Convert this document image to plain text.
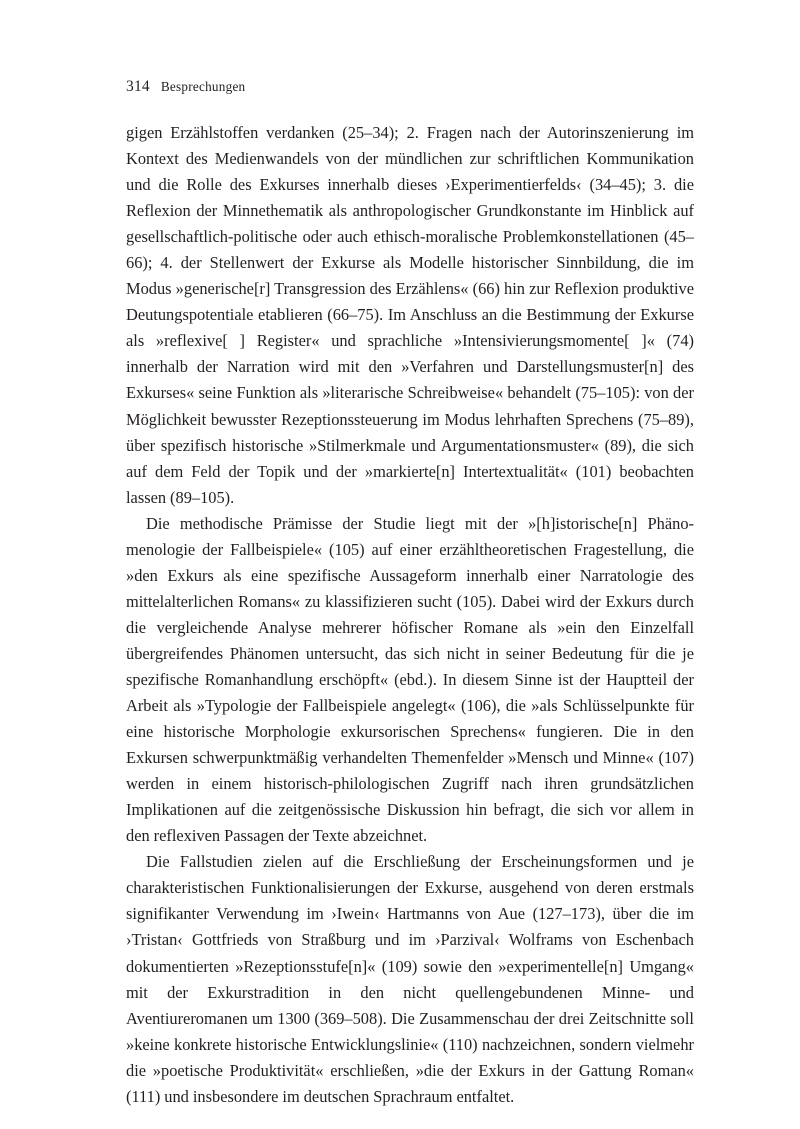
314 Besprechungen

gigen Erzählstoffen verdanken (25–34); 2. Fragen nach der Autorinszenierung im Kontext des Medienwandels von der mündlichen zur schriftlichen Kommunikation und die Rolle des Exkurses innerhalb dieses ›Experimentierfelds‹ (34–45); 3. die Reflexion der Minnethematik als anthropologischer Grundkonstante im Hinblick auf gesellschaftlich-politische oder auch ethisch-moralische Problemkonstellationen (45–66); 4. der Stellenwert der Exkurse als Modelle historischer Sinnbildung, die im Modus »generische[r] Transgression des Erzählens« (66) hin zur Reflexion produktive Deutungspotentiale etablieren (66–75). Im Anschluss an die Bestimmung der Exkurse als »reflexive[ ] Register« und sprachliche »Intensivierungsmomente[ ]« (74) innerhalb der Narration wird mit den »Verfahren und Darstellungsmuster[n] des Exkurses« seine Funktion als »literarische Schreibweise« behandelt (75–105): von der Möglichkeit bewusster Rezeptionssteuerung im Modus lehrhaften Sprechens (75–89), über spezifisch historische »Stilmerkmale und Argumentationsmuster« (89), die sich auf dem Feld der Topik und der »markierte[n] Intertextualität« (101) beobachten lassen (89–105).

Die methodische Prämisse der Studie liegt mit der »[h]istorische[n] Phänomenologie der Fallbeispiele« (105) auf einer erzähltheoretischen Fragestellung, die »den Exkurs als eine spezifische Aussageform innerhalb einer Narratologie des mittelalterlichen Romans« zu klassifizieren sucht (105). Dabei wird der Exkurs durch die vergleichende Analyse mehrerer höfischer Romane als »ein den Einzelfall übergreifendes Phänomen untersucht, das sich nicht in seiner Bedeutung für die je spezifische Romanhandlung erschöpft« (ebd.). In diesem Sinne ist der Hauptteil der Arbeit als »Typologie der Fallbeispiele angelegt« (106), die »als Schlüsselpunkte für eine historische Morphologie exkursorischen Sprechens« fungieren. Die in den Exkursen schwerpunktmäßig verhandelten Themenfelder »Mensch und Minne« (107) werden in einem historisch-philologischen Zugriff nach ihren grundsätzlichen Implikationen auf die zeitgenössische Diskussion hin befragt, die sich vor allem in den reflexiven Passagen der Texte abzeichnet.

Die Fallstudien zielen auf die Erschließung der Erscheinungsformen und je charakteristischen Funktionalisierungen der Exkurse, ausgehend von deren erstmals signifikanter Verwendung im ›Iwein‹ Hartmanns von Aue (127–173), über die im ›Tristan‹ Gottfrieds von Straßburg und im ›Parzival‹ Wolframs von Eschenbach dokumentierten »Rezeptionsstufe[n]« (109) sowie den »experimentelle[n] Umgang« mit der Exkurstradition in den nicht quellengebundenen Minne- und Aventiureromanen um 1300 (369–508). Die Zusammenschau der drei Zeitschnitte soll »keine konkrete historische Entwicklungslinie« (110) nachzeichnen, sondern vielmehr die »poetische Produktivität« erschließen, »die der Exkurs in der Gattung Roman« (111) und insbesondere im deutschen Sprachraum entfaltet.
